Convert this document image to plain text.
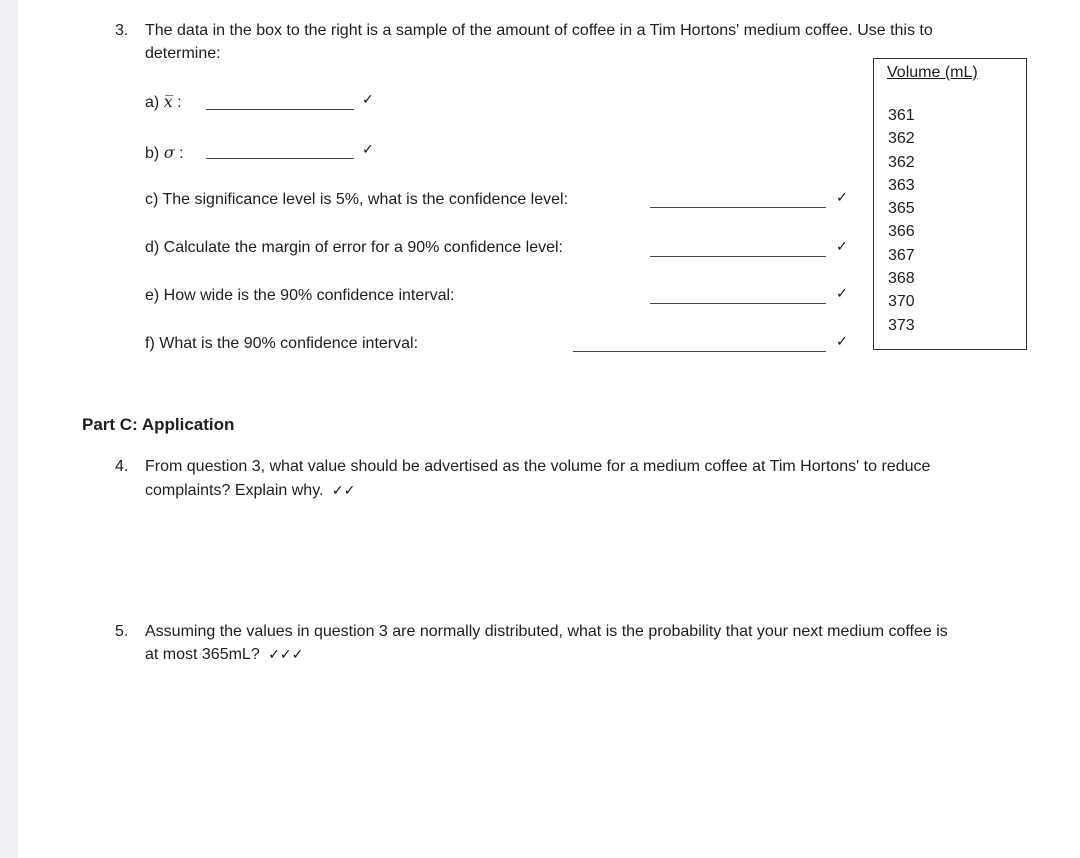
3. The data in the box to the right is a sample of the amount of coffee in a Tim Hortons' medium coffee. Use this to
determine:
a) x̅ :	✓
b) σ :	✓
c) The significance level is 5%, what is the confidence level:	✓
d) Calculate the margin of error for a 90% confidence level:	✓
e) How wide is the 90% confidence interval:	✓
f) What is the 90% confidence interval:	✓
Volume (mL)
361
362
362
363
365
366
367
368
370
373
Part C: Application
4. From question 3, what value should be advertised as the volume for a medium coffee at Tim Hortons' to reduce
complaints? Explain why. ✓✓
5. Assuming the values in question 3 are normally distributed, what is the probability that your next medium coffee is
at most 365mL? ✓✓✓
